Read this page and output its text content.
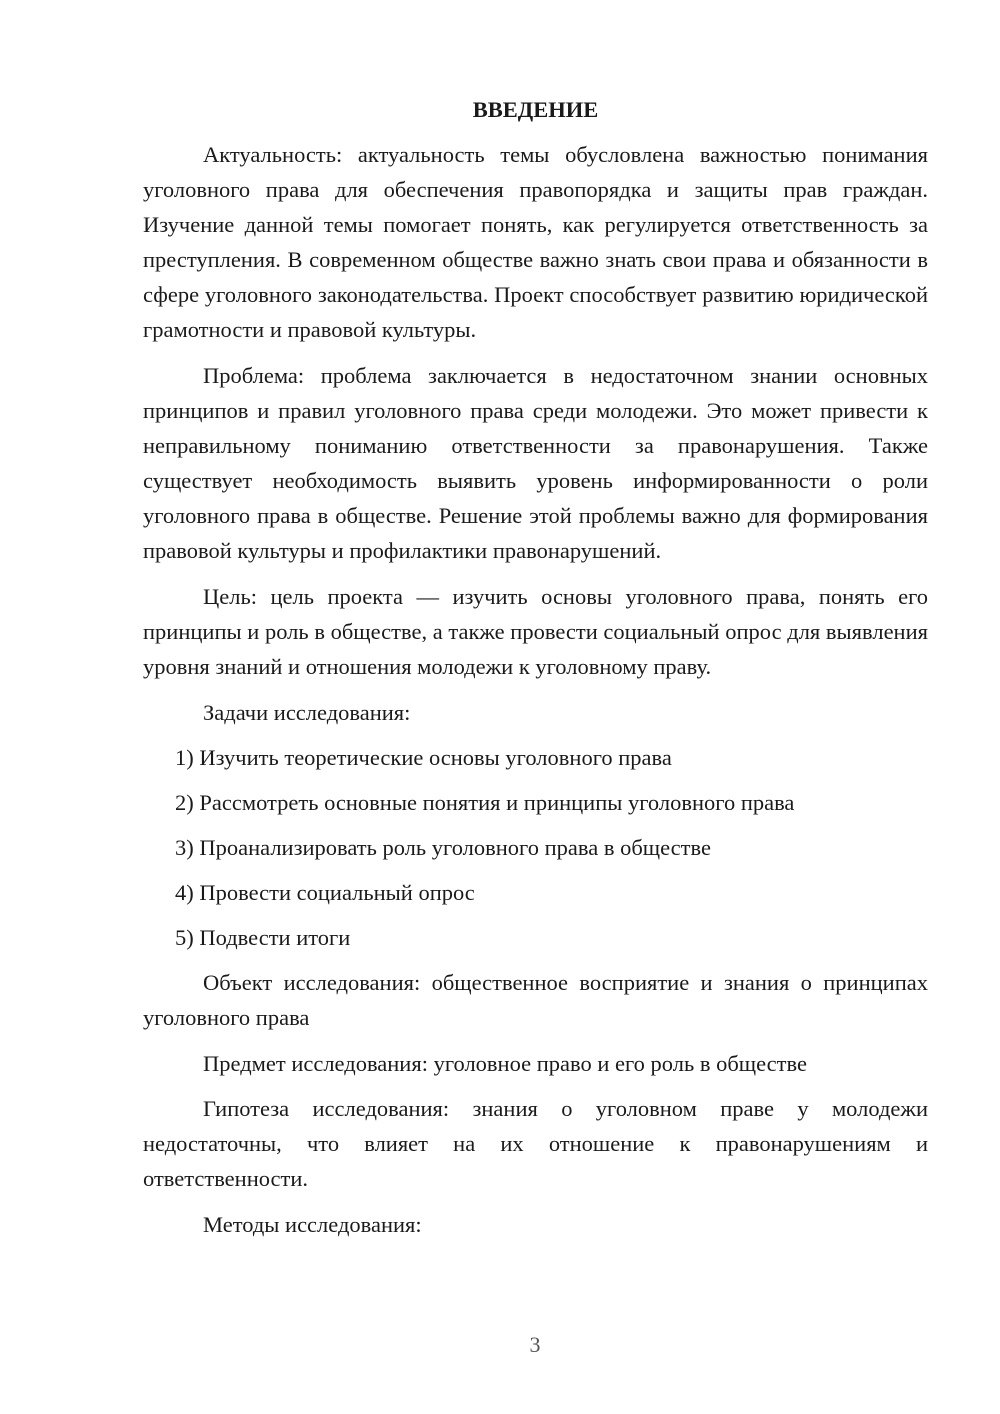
ВВЕДЕНИЕ

Актуальность: актуальность темы обусловлена важностью понимания уголовного права для обеспечения правопорядка и защиты прав граждан. Изучение данной темы помогает понять, как регулируется ответственность за преступления. В современном обществе важно знать свои права и обязанности в сфере уголовного законодательства. Проект способствует развитию юридической грамотности и правовой культуры.

Проблема: проблема заключается в недостаточном знании основных принципов и правил уголовного права среди молодежи. Это может привести к неправильному пониманию ответственности за правонарушения. Также существует необходимость выявить уровень информированности о роли уголовного права в обществе. Решение этой проблемы важно для формирования правовой культуры и профилактики правонарушений.

Цель: цель проекта — изучить основы уголовного права, понять его принципы и роль в обществе, а также провести социальный опрос для выявления уровня знаний и отношения молодежи к уголовному праву.

Задачи исследования:

1) Изучить теоретические основы уголовного права
2) Рассмотреть основные понятия и принципы уголовного права
3) Проанализировать роль уголовного права в обществе
4) Провести социальный опрос
5) Подвести итоги

Объект исследования: общественное восприятие и знания о принципах уголовного права

Предмет исследования: уголовное право и его роль в обществе

Гипотеза исследования: знания о уголовном праве у молодежи недостаточны, что влияет на их отношение к правонарушениям и ответственности.

Методы исследования:

3
